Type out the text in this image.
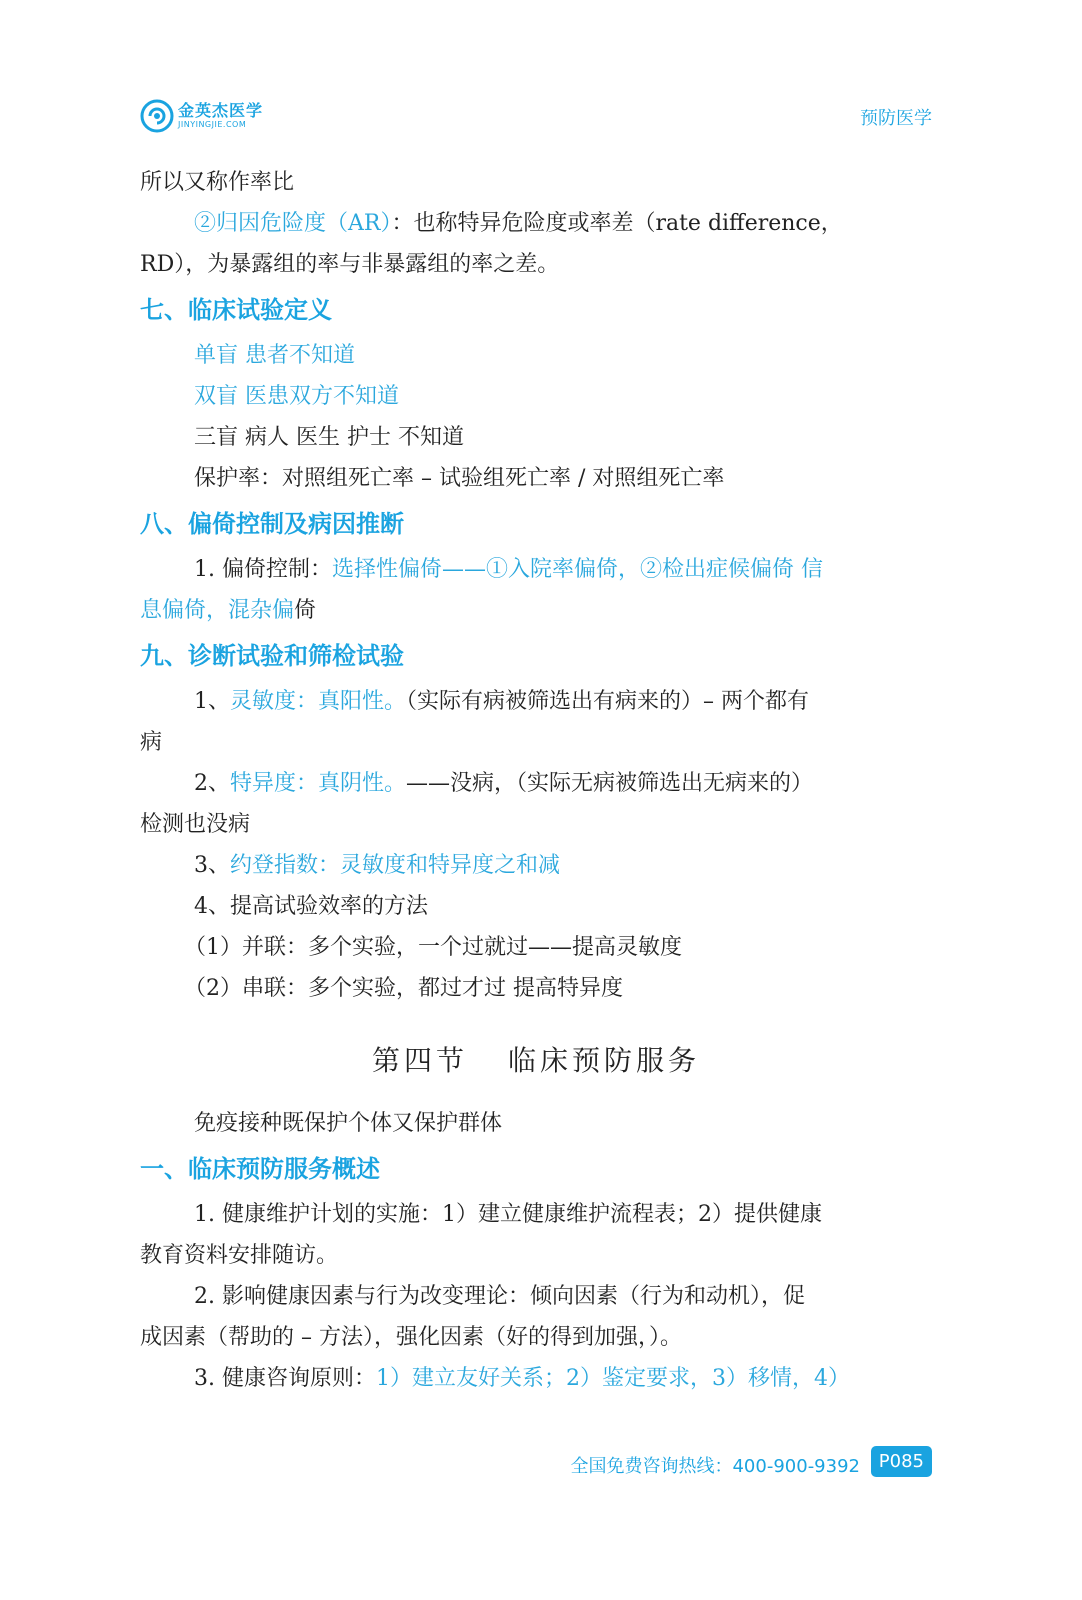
金英杰医学
JINYINGJIE.COM	预防医学

所以又称作率比

②归因危险度（AR）：也称特异危险度或率差（rate difference，

RD），为暴露组的率与非暴露组的率之差。

七、临床试验定义

单盲 患者不知道

双盲 医患双方不知道

三盲 病人 医生 护士 不知道

保护率：对照组死亡率 – 试验组死亡率 / 对照组死亡率

八、偏倚控制及病因推断

1. 偏倚控制：选择性偏倚——①入院率偏倚，②检出症候偏倚 信

息偏倚，混杂偏倚

九、诊断试验和筛检试验

1、灵敏度：真阳性。（实际有病被筛选出有病来的）– 两个都有

病

2、特异度：真阴性。——没病，（实际无病被筛选出无病来的）

检测也没病

3、约登指数：灵敏度和特异度之和减

4、提高试验效率的方法

（1）并联：多个实验，一个过就过——提高灵敏度

（2）串联：多个实验，都过才过 提高特异度

第四节 临床预防服务

免疫接种既保护个体又保护群体

一、临床预防服务概述

1. 健康维护计划的实施：1）建立健康维护流程表；2）提供健康

教育资料安排随访。

2. 影响健康因素与行为改变理论：倾向因素（行为和动机），促

成因素（帮助的 – 方法），强化因素（好的得到加强，）。

3. 健康咨询原则：1）建立友好关系；2）鉴定要求，3）移情，4）

全国免费咨询热线：400-900-9392	P085
